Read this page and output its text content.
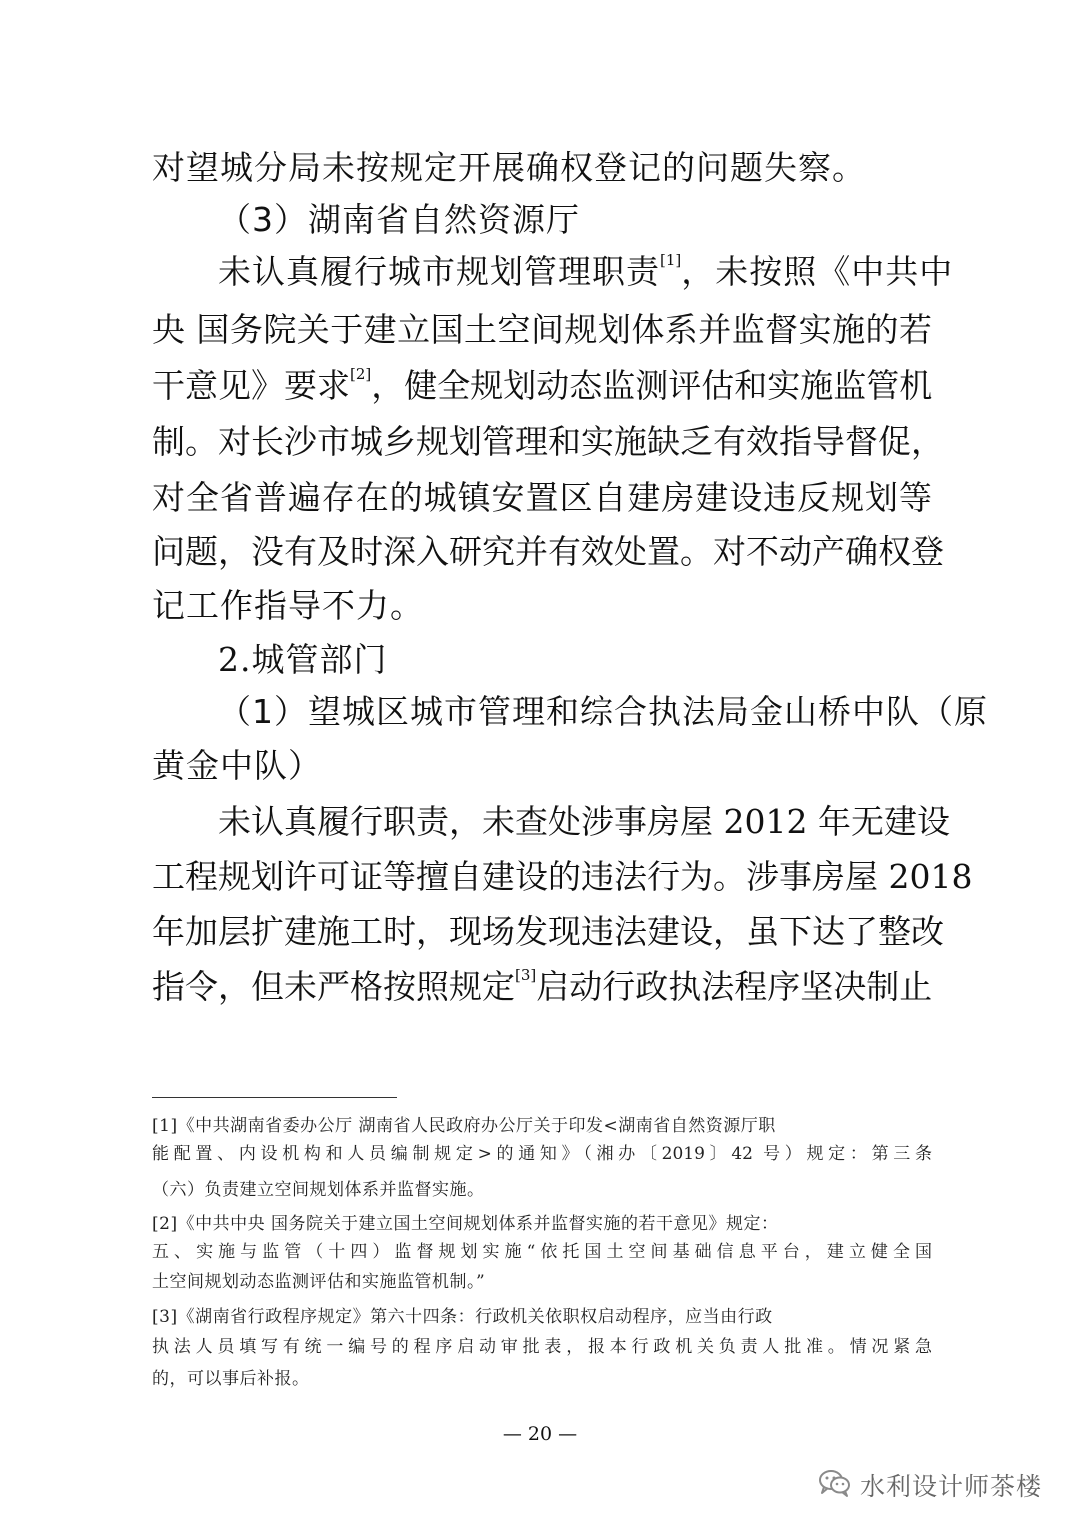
对望城分局未按规定开展确权登记的问题失察。
（3）湖南省自然资源厅
未认真履行城市规划管理职责[1]，未按照《中共中
央 国务院关于建立国土空间规划体系并监督实施的若
干意见》要求[2]，健全规划动态监测评估和实施监管机
制。对长沙市城乡规划管理和实施缺乏有效指导督促，
对全省普遍存在的城镇安置区自建房建设违反规划等
问题，没有及时深入研究并有效处置。对不动产确权登
记工作指导不力。
2.城管部门
（1）望城区城市管理和综合执法局金山桥中队（原
黄金中队）
未认真履行职责，未查处涉事房屋 2012 年无建设
工程规划许可证等擅自建设的违法行为。涉事房屋 2018
年加层扩建施工时，现场发现违法建设，虽下达了整改
指令，但未严格按照规定[3]启动行政执法程序坚决制止
[1]《中共湖南省委办公厅 湖南省人民政府办公厅关于印发<湖南省自然资源厅职
能配置、内设机构和人员编制规定>的通知》（湘办〔2019〕42 号）规定：第三条
（六）负责建立空间规划体系并监督实施。
[2]《中共中央 国务院关于建立国土空间规划体系并监督实施的若干意见》规定：
五、实施与监管（十四）监督规划实施“依托国土空间基础信息平台，建立健全国
土空间规划动态监测评估和实施监管机制。”
[3]《湖南省行政程序规定》第六十四条：行政机关依职权启动程序，应当由行政
执法人员填写有统一编号的程序启动审批表，报本行政机关负责人批准。情况紧急
的，可以事后补报。
— 20 —
水利设计师茶楼
